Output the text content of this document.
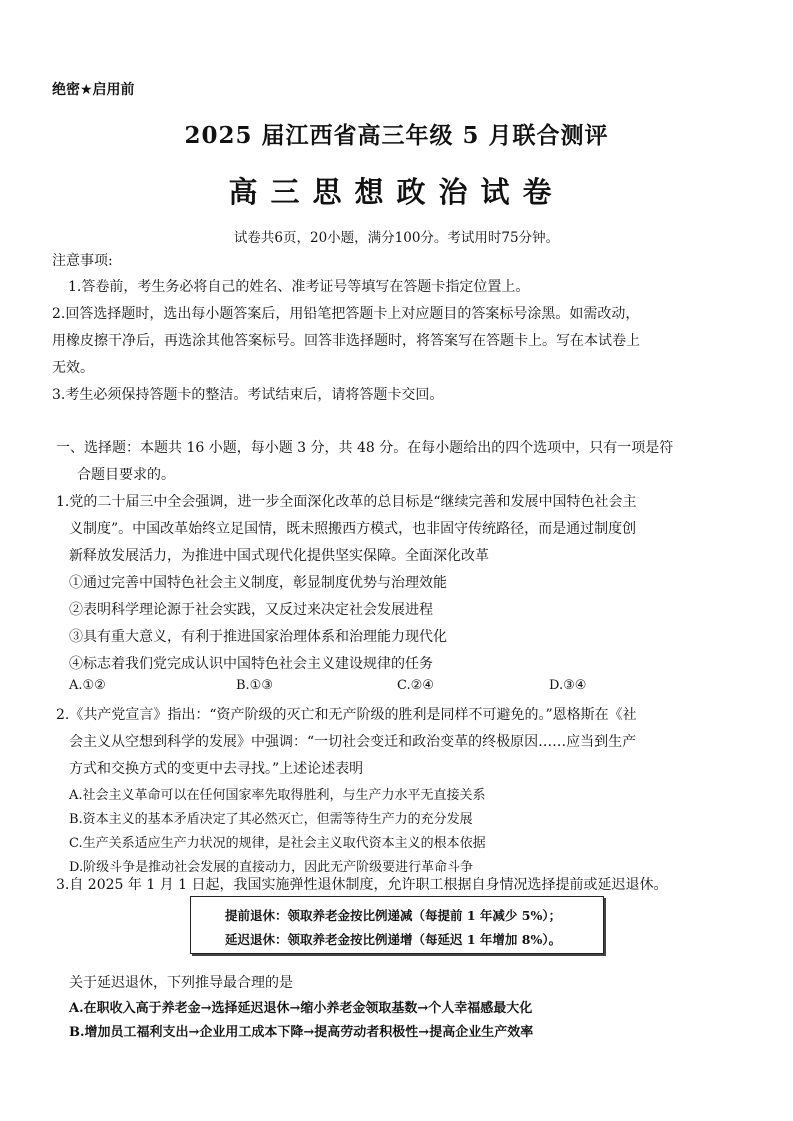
绝密★启用前
2025 届江西省高三年级 5 月联合测评
高三思想政治试卷
试卷共6页，20小题，满分100分。考试用时75分钟。
注意事项:
1.答卷前，考生务必将自己的姓名、准考证号等填写在答题卡指定位置上。
2.回答选择题时，选出每小题答案后，用铅笔把答题卡上对应题目的答案标号涂黑。如需改动，
用橡皮擦干净后，再选涂其他答案标号。回答非选择题时，将答案写在答题卡上。写在本试卷上
无效。
3.考生必须保持答题卡的整洁。考试结束后，请将答题卡交回。
一、选择题：本题共 16 小题，每小题 3 分，共 48 分。在每小题给出的四个选项中，只有一项是符
合题目要求的。
1.党的二十届三中全会强调，进一步全面深化改革的总目标是“继续完善和发展中国特色社会主
义制度”。中国改革始终立足国情，既未照搬西方模式，也非固守传统路径，而是通过制度创
新释放发展活力，为推进中国式现代化提供坚实保障。全面深化改革
①通过完善中国特色社会主义制度，彰显制度优势与治理效能
②表明科学理论源于社会实践，又反过来决定社会发展进程
③具有重大意义，有利于推进国家治理体系和治理能力现代化
④标志着我们党完成认识中国特色社会主义建设规律的任务
A.①②	B.①③	C.②④	D.③④
2.《共产党宣言》指出：“资产阶级的灭亡和无产阶级的胜利是同样不可避免的。”恩格斯在《社
会主义从空想到科学的发展》中强调：“一切社会变迁和政治变革的终极原因……应当到生产
方式和交换方式的变更中去寻找。”上述论述表明
A.社会主义革命可以在任何国家率先取得胜利，与生产力水平无直接关系
B.资本主义的基本矛盾决定了其必然灭亡，但需等待生产力的充分发展
C.生产关系适应生产力状况的规律，是社会主义取代资本主义的根本依据
D.阶级斗争是推动社会发展的直接动力，因此无产阶级要进行革命斗争
3.自 2025 年 1 月 1 日起，我国实施弹性退休制度，允许职工根据自身情况选择提前或延迟退休。
提前退休：领取养老金按比例递减（每提前 1 年减少 5%）；
延迟退休：领取养老金按比例递增（每延迟 1 年增加 8%）。
关于延迟退休，下列推导最合理的是
A.在职收入高于养老金→选择延迟退休→缩小养老金领取基数→个人幸福感最大化
B.增加员工福利支出→企业用工成本下降→提高劳动者积极性→提高企业生产效率
